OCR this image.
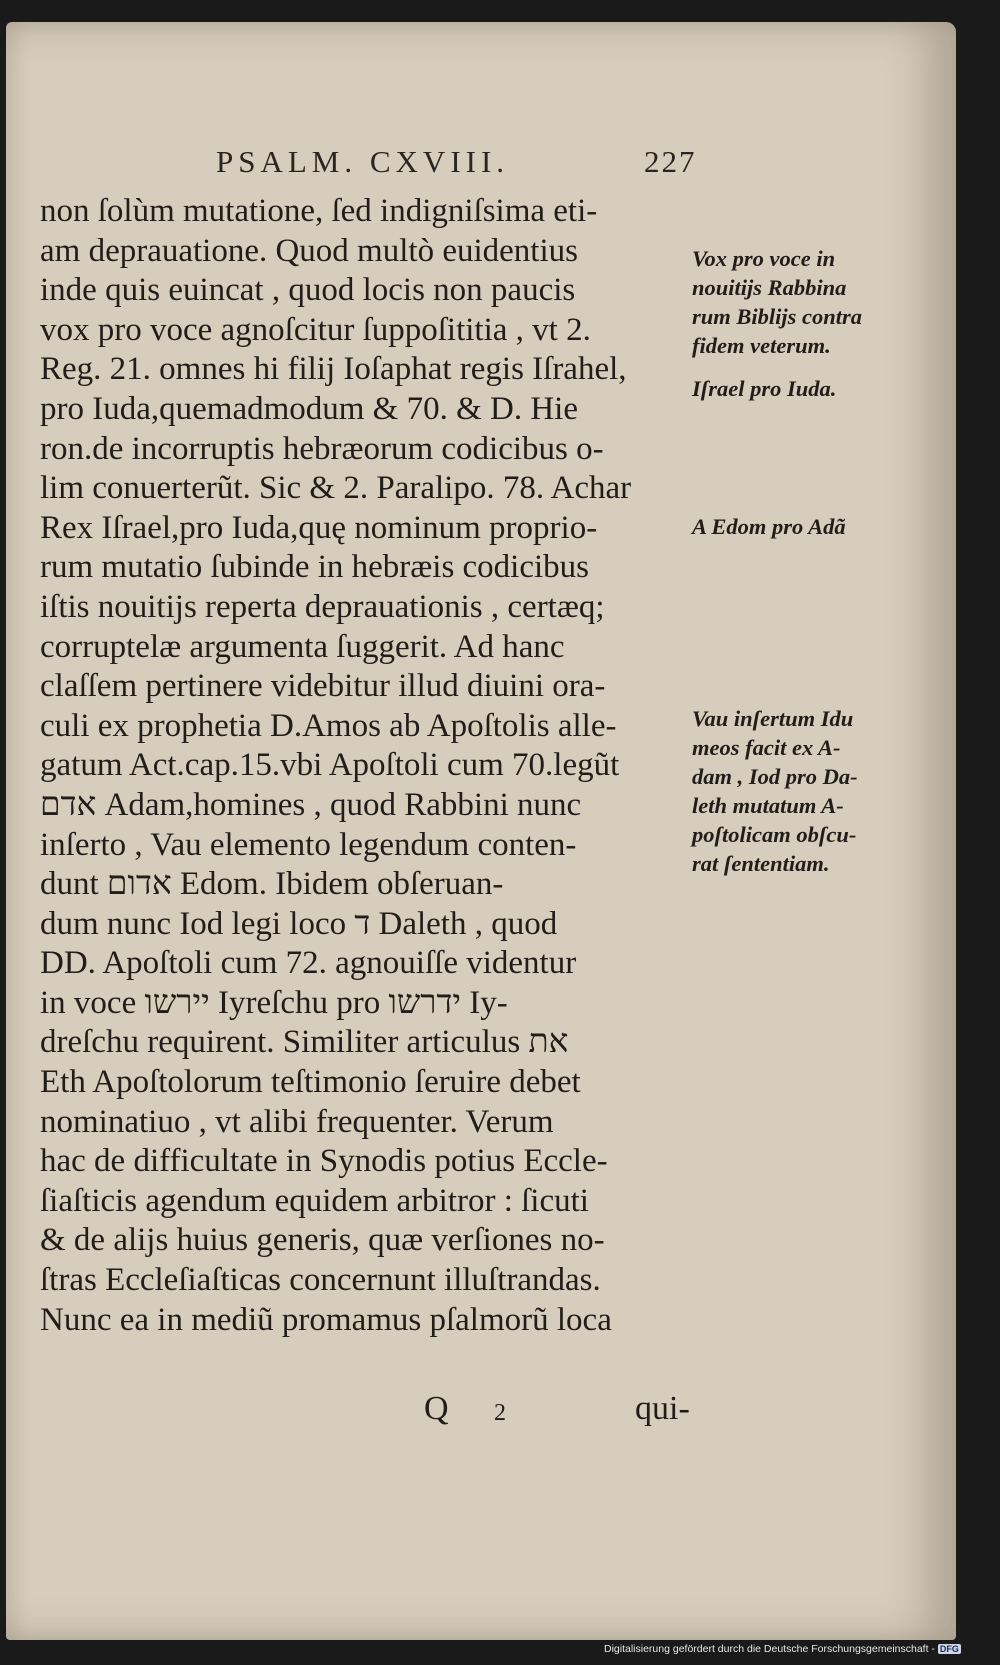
PSALM. CXVIII.	227
non ſolùm mutatione, ſed indigniſsima eti-
am deprauatione. Quod multò euidentius
inde quis euincat , quod locis non paucis
vox pro voce agnoſcitur ſuppoſititia , vt 2.
Reg. 21. omnes hi filij Ioſaphat regis Iſrahel,
pro Iuda,quemadmodum & 70. & D. Hie
ron.de incorruptis hebræorum codicibus o-
lim conuerterũt. Sic & 2. Paralipo. 78. Achar
Rex Iſrael,pro Iuda,quę nominum proprio-
rum mutatio ſubinde in hebræis codicibus
iſtis nouitijs reperta deprauationis , certæq;
corruptelæ argumenta ſuggerit. Ad hanc
claſſem pertinere videbitur illud diuini ora-
culi ex prophetia D.Amos ab Apoſtolis alle-
gatum Act.cap.15.vbi Apoſtoli cum 70.legũt
אדם Adam,homines , quod Rabbini nunc
inſerto , Vau elemento legendum conten-
dunt אדום Edom. Ibidem obſeruan-
dum nunc Iod legi loco ד Daleth , quod
DD. Apoſtoli cum 72. agnouiſſe videntur
in voce יירשו Iyreſchu pro ידרשו Iy-
dreſchu requirent. Similiter articulus את
Eth Apoſtolorum teſtimonio ſeruire debet
nominatiuo , vt alibi frequenter. Verum
hac de difficultate in Synodis potius Eccle-
ſiaſticis agendum equidem arbitror : ſicuti
& de alijs huius generis, quæ verſiones no-
ſtras Eccleſiaſticas concernunt illuſtrandas.
Nunc ea in mediũ promamus pſalmorũ loca
Vox pro voce in
nouitijs Rabbina
rum Biblijs contra
fidem veterum.
Iſrael pro Iuda.
A Edom pro Adã
Vau inſertum Idu
meos facit ex A-
dam , Iod pro Da-
leth mutatum A-
poſtolicam obſcu-
rat ſententiam.
Q 2	qui-
Digitalisierung gefördert durch die Deutsche Forschungsgemeinschaft - DFG
